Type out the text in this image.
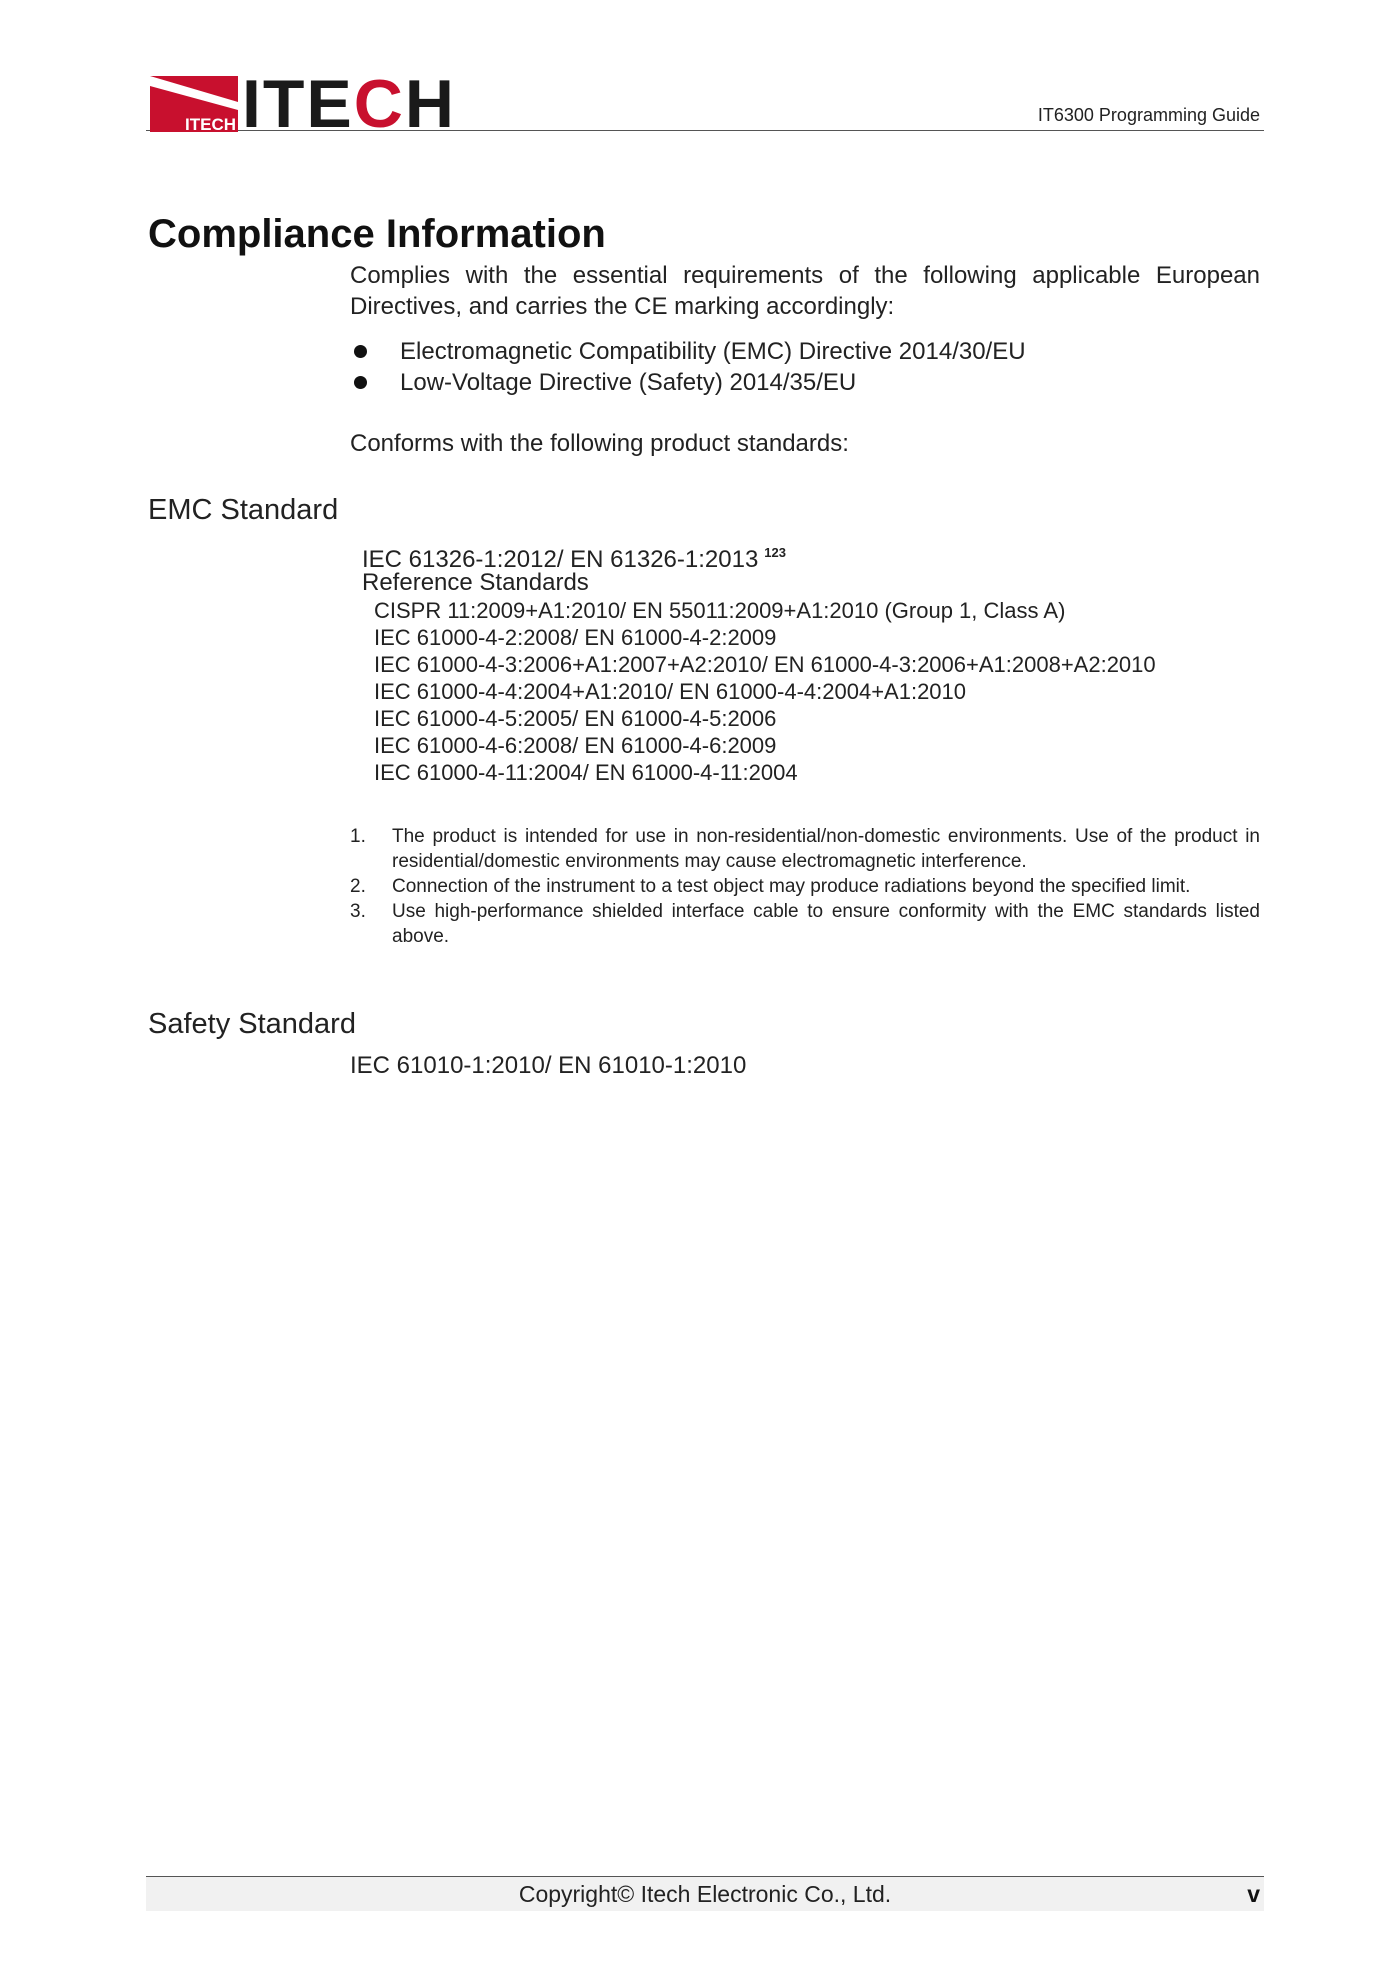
ITECH ITECH	IT6300 Programming Guide
Compliance Information

Complies with the essential requirements of the following applicable European Directives, and carries the CE marking accordingly:

Electromagnetic Compatibility (EMC) Directive 2014/30/EU
Low-Voltage Directive (Safety) 2014/35/EU

Conforms with the following product standards:

EMC Standard
IEC 61326-1:2012/ EN 61326-1:2013 $^{123}$
Reference Standards
CISPR 11:2009+A1:2010/ EN 55011:2009+A1:2010 (Group 1, Class A)
IEC 61000-4-2:2008/ EN 61000-4-2:2009
IEC 61000-4-3:2006+A1:2007+A2:2010/ EN 61000-4-3:2006+A1:2008+A2:2010
IEC 61000-4-4:2004+A1:2010/ EN 61000-4-4:2004+A1:2010
IEC 61000-4-5:2005/ EN 61000-4-5:2006
IEC 61000-4-6:2008/ EN 61000-4-6:2009
IEC 61000-4-11:2004/ EN 61000-4-11:2004
1. The product is intended for use in non-residential/non-domestic environments. Use of the product in residential/domestic environments may cause electromagnetic interference.
2. Connection of the instrument to a test object may produce radiations beyond the specified limit.
3. Use high-performance shielded interface cable to ensure conformity with the EMC standards listed above.
Safety Standard
IEC 61010-1:2010/ EN 61010-1:2010
Copyright© Itech Electronic Co., Ltd.	v
